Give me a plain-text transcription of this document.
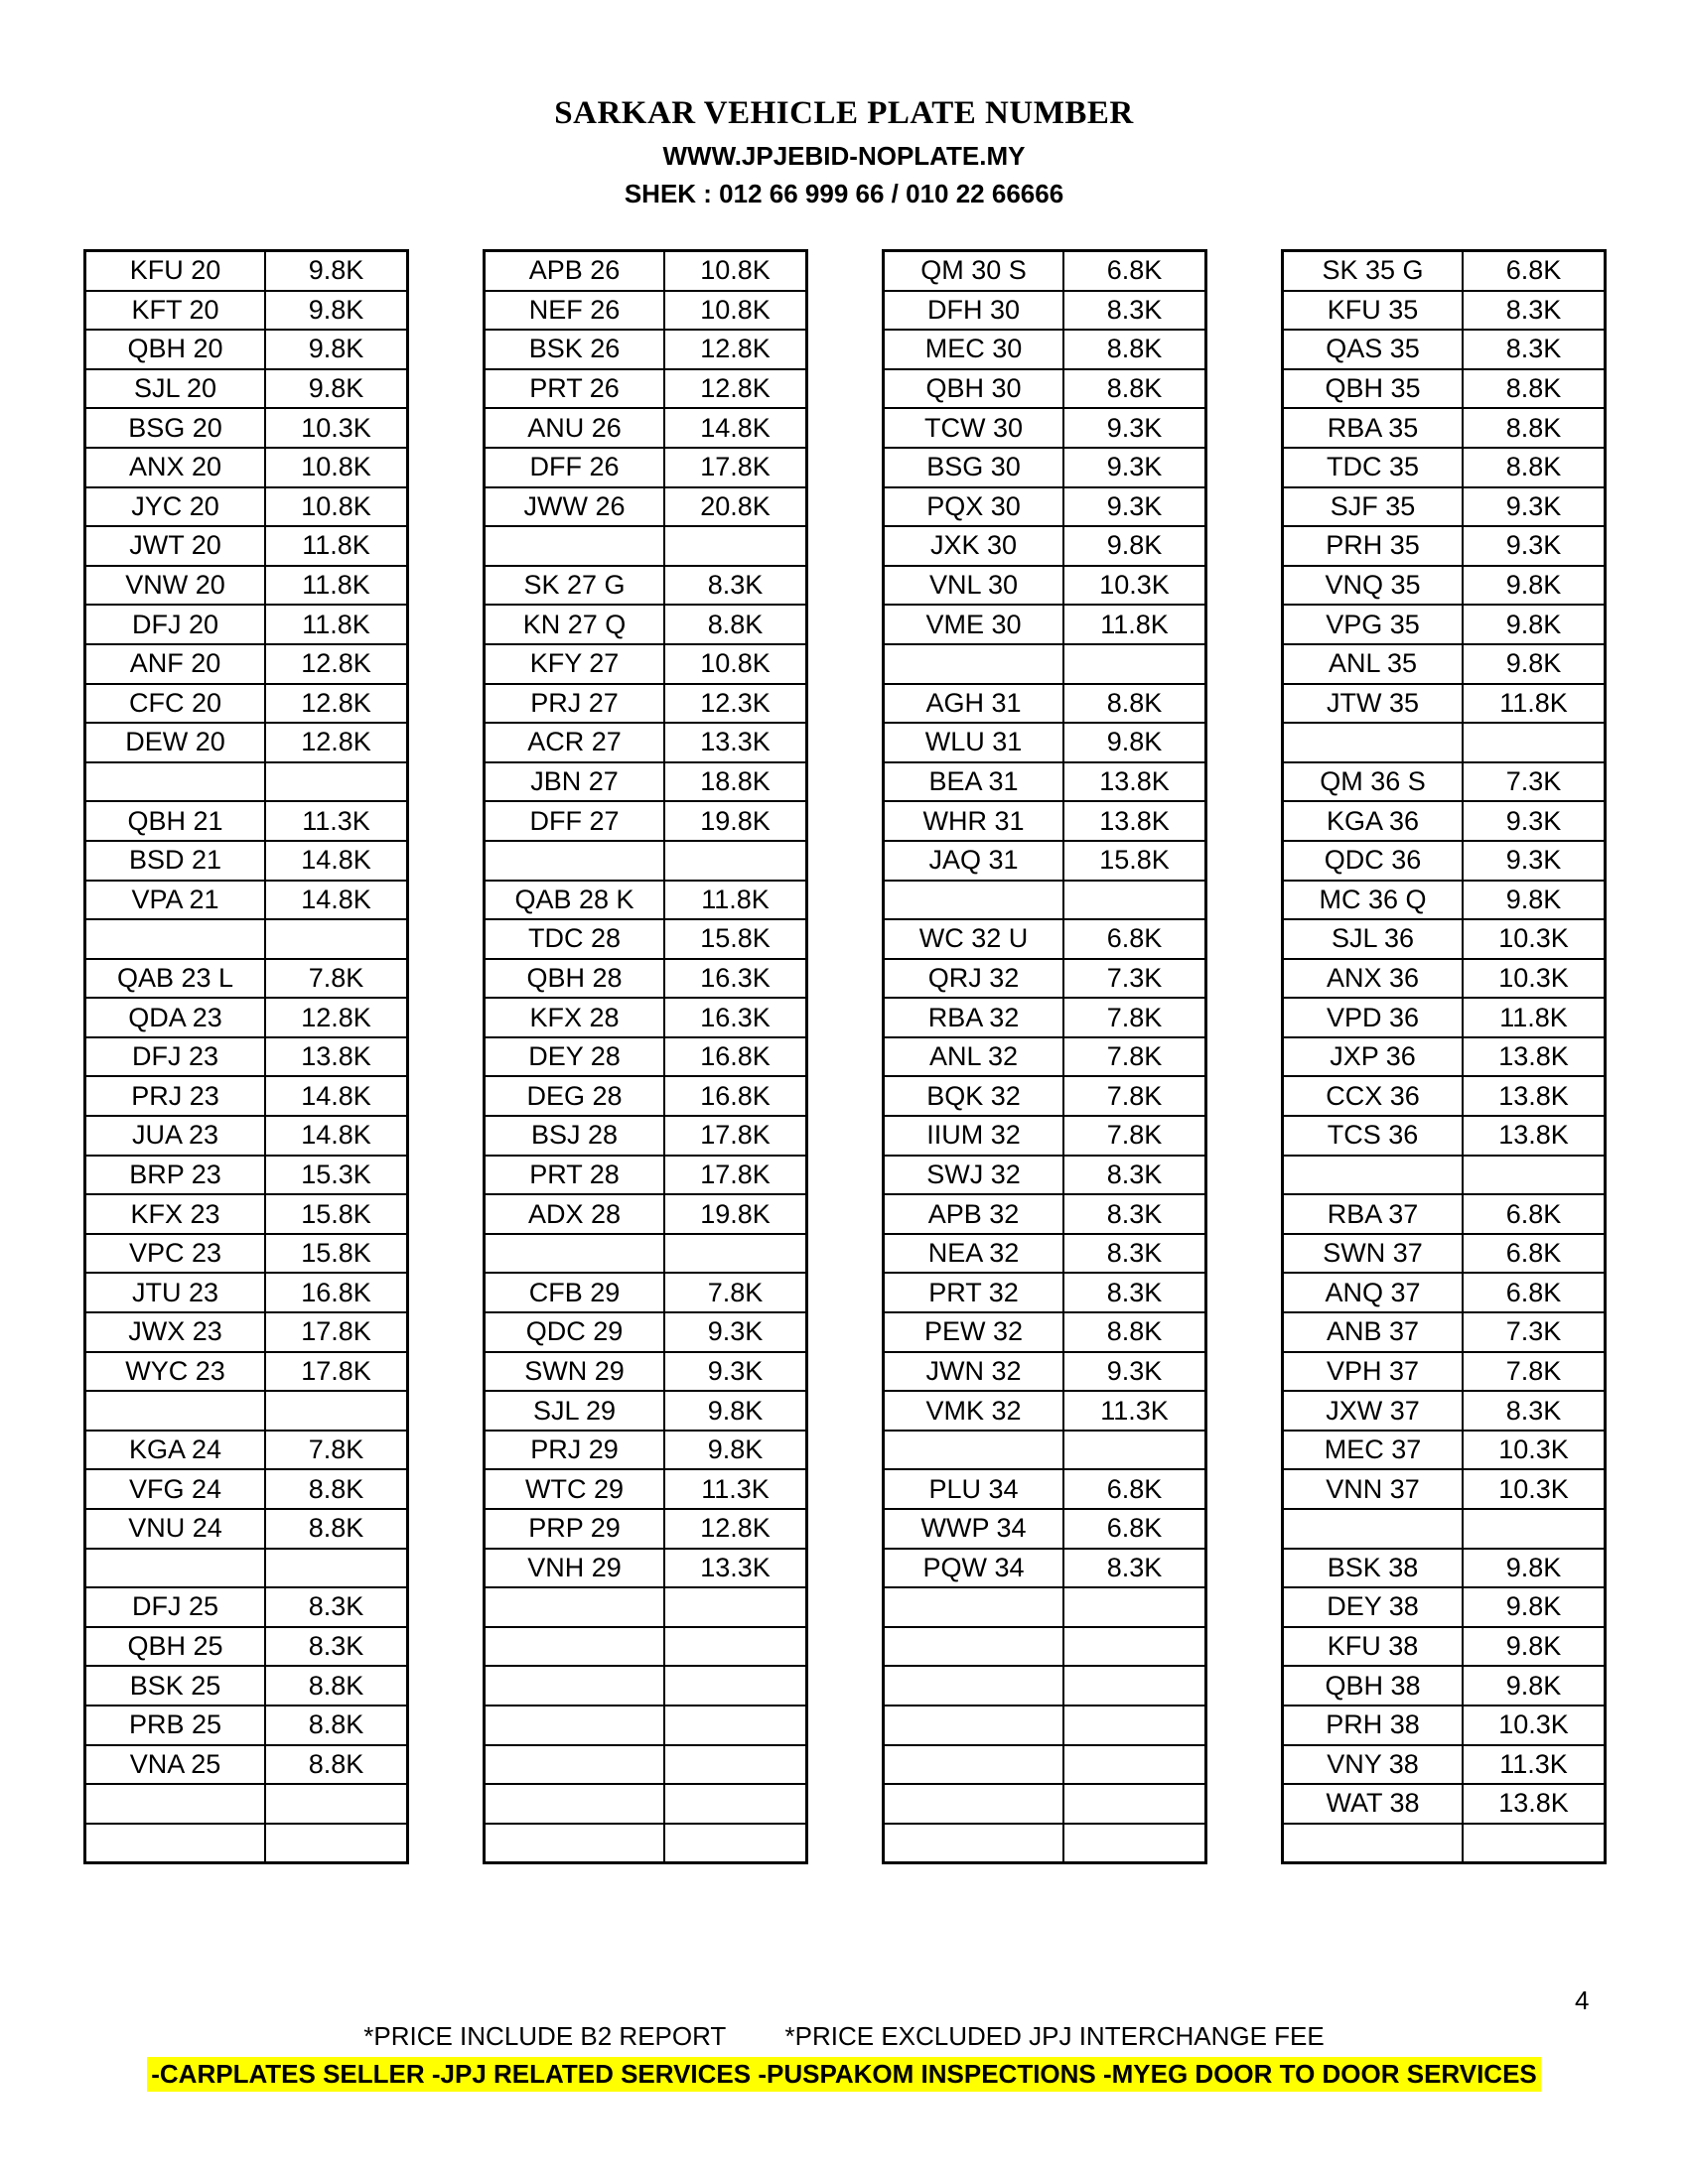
SARKAR VEHICLE PLATE NUMBER
WWW.JPJEBID-NOPLATE.MY
SHEK : 012 66 999 66 / 010 22 66666
KFU 20	9.8K
KFT 20	9.8K
QBH 20	9.8K
SJL 20	9.8K
BSG 20	10.3K
ANX 20	10.8K
JYC 20	10.8K
JWT 20	11.8K
VNW 20	11.8K
DFJ 20	11.8K
ANF 20	12.8K
CFC 20	12.8K
DEW 20	12.8K

QBH 21	11.3K
BSD 21	14.8K
VPA 21	14.8K

QAB 23 L	7.8K
QDA 23	12.8K
DFJ 23	13.8K
PRJ 23	14.8K
JUA 23	14.8K
BRP 23	15.3K
KFX 23	15.8K
VPC 23	15.8K
JTU 23	16.8K
JWX 23	17.8K
WYC 23	17.8K

KGA 24	7.8K
VFG 24	8.8K
VNU 24	8.8K

DFJ 25	8.3K
QBH 25	8.3K
BSK 25	8.8K
PRB 25	8.8K
VNA 25	8.8K

APB 26	10.8K
NEF 26	10.8K
BSK 26	12.8K
PRT 26	12.8K
ANU 26	14.8K
DFF 26	17.8K
JWW 26	20.8K

SK 27 G	8.3K
KN 27 Q	8.8K
KFY 27	10.8K
PRJ 27	12.3K
ACR 27	13.3K
JBN 27	18.8K
DFF 27	19.8K

QAB 28 K	11.8K
TDC 28	15.8K
QBH 28	16.3K
KFX 28	16.3K
DEY 28	16.8K
DEG 28	16.8K
BSJ 28	17.8K
PRT 28	17.8K
ADX 28	19.8K

CFB 29	7.8K
QDC 29	9.3K
SWN 29	9.3K
SJL 29	9.8K
PRJ 29	9.8K
WTC 29	11.3K
PRP 29	12.8K
VNH 29	13.3K

QM 30 S	6.8K
DFH 30	8.3K
MEC 30	8.8K
QBH 30	8.8K
TCW 30	9.3K
BSG 30	9.3K
PQX 30	9.3K
JXK 30	9.8K
VNL 30	10.3K
VME 30	11.8K

AGH 31	8.8K
WLU 31	9.8K
BEA 31	13.8K
WHR 31	13.8K
JAQ 31	15.8K

WC 32 U	6.8K
QRJ 32	7.3K
RBA 32	7.8K
ANL 32	7.8K
BQK 32	7.8K
IIUM 32	7.8K
SWJ 32	8.3K
APB 32	8.3K
NEA 32	8.3K
PRT 32	8.3K
PEW 32	8.8K
JWN 32	9.3K
VMK 32	11.3K

PLU 34	6.8K
WWP 34	6.8K
PQW 34	8.3K

SK 35 G	6.8K
KFU 35	8.3K
QAS 35	8.3K
QBH 35	8.8K
RBA 35	8.8K
TDC 35	8.8K
SJF 35	9.3K
PRH 35	9.3K
VNQ 35	9.8K
VPG 35	9.8K
ANL 35	9.8K
JTW 35	11.8K

QM 36 S	7.3K
KGA 36	9.3K
QDC 36	9.3K
MC 36 Q	9.8K
SJL 36	10.3K
ANX 36	10.3K
VPD 36	11.8K
JXP 36	13.8K
CCX 36	13.8K
TCS 36	13.8K

RBA 37	6.8K
SWN 37	6.8K
ANQ 37	6.8K
ANB 37	7.3K
VPH 37	7.8K
JXW 37	8.3K
MEC 37	10.3K
VNN 37	10.3K

BSK 38	9.8K
DEY 38	9.8K
KFU 38	9.8K
QBH 38	9.8K
PRH 38	10.3K
VNY 38	11.3K
WAT 38	13.8K

4
*PRICE INCLUDE B2 REPORT *PRICE EXCLUDED JPJ INTERCHANGE FEE
-CARPLATES SELLER -JPJ RELATED SERVICES -PUSPAKOM INSPECTIONS -MYEG DOOR TO DOOR SERVICES
